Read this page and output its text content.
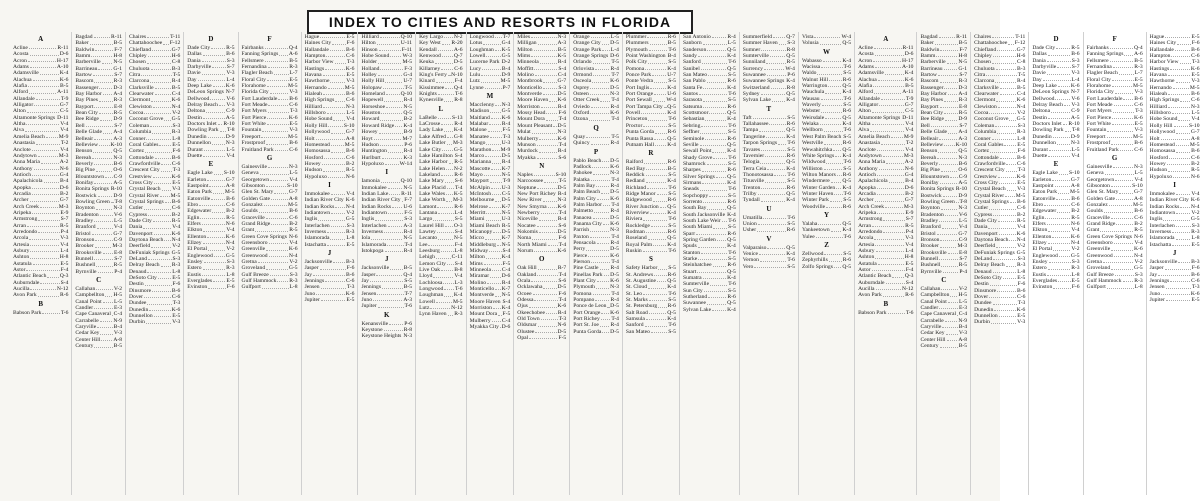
INDEX TO CITIES AND RESORTS IN FLORIDA
A
Acline	R-11
Acosta	D-6
Acron	H-17
Adams	A-10
Adamsville	K-4
Alachua	K-6
Alafia	B-5
Alford	A-11
Allandale	T-9
Alligator	G-7
Alton	C-5
Altamonte Springs D-11
Altha	V-4
Alva	V-4
Amelia Beach M-9
Anastasia	T-2
Anclote	V-4
Andytown	M-3
Anna Maria	A-2
Anthony	N-6
Antioch	G-4
Apalachicola	B-4
Apopka	D-6
Arcadia	B-2
Archer	G-7
Arch Creek	M-3
Aripeka	E-9
Armstrong	S-7
Arran	R-5
Arredondo	P-4
Arcola	V-3
Artesia	V-4
Asbury	L-4
Ashton	H-8
Astatula	E-5
Astor	F-4
Atlantic Beach Q-3
Auburndale	S-4
Aucilla	N-12
Avon Park	R-6
B
Babson Park	T-6
Bagdad	R-11
Baker	B-5
Baldwin	F-7
Bamm	H-8
Barberville N-5
Barrineau	G-1
Bartow	S-7
Bascom	R-3
Bassenger	D-3
Bay Harbor A-4
Bay Pines	R-3
Bayport	E-8
Bean City	R-5
Bee Ridge	D-9
Bell	S-7
Belle Glade A-4
Belleair	A-3
Belleview K-10
Benson	Q-5
Bereah	N-3
Beverly	B-6
Big Pine	O-6
Blountstown C-9
Bonifay	A-5
Bonita Springs R-10
Bostwick	D-9
Bowling Green T-8
Boynton	N-3
Bradenton	V-6
Bradley	L-5
Branford	V-4
Bristol	G-7
Bronson	C-9
Brooker	M-3
Brooksville E-8
Bunnell	S-7
Bushnell	R-5
Byrnville	P-4
C
Callahan	V-2
Campbellton H-5
Canal Point L-5
Candler	E-3
Cape Canaveral C-4
Carrabelle	N-9
Caryville	B-4
Cedar Key	V-3
Center Hill A-8
Century	B-5
Chaires	T-11
Chattahoochee F-12
Chiefland	G-7
Chipley	H-6
Chosen	C-8
Chuluota	B-3
Citra	T-5
Clarcona	R-4
Clarksville	B-5
Clearwater	C-4
Clermont	K-6
Clewiston	N-4
Cocoa	V-2
Coconut Grove G-5
Coleman	S-3
Columbia	R-3
Conner	L-8
Coral Gables E-5
Cortez	F-6
Cottondale	B-6
Crawfordville C-6
Crescent City T-3
Crestview	K-6
Cross City	E-5
Crystal Beach V-3
Crystal River M-5
Crystal Springs B-6
Cutler	C-6
Cypress	B-2
Dade City	R-5
Dania	V-4
Davenport	K-6
Daytona Beach N-4
Deerfield	V-2
DeFuniak Springs G-5
DeLand	S-3
Delray Beach R-3
Denaud	L-8
DeSoto City	E-5
Destin	F-6
Dinsmore	B-6
Dover	C-6
Dundee	T-3
Dunedin	K-6
Dunnellon	E-5
Durbin	V-3
D
Dade City	R-5
Dallas	B-6
Dania	S-3
Darbyville	S-7
Davie	V-3
Day	L-4
Deep Lake	K-6
DeLeon Springs N-7
Dellwood	V-6
Delray Beach V-3
Deltona	C-9
Destin	A-5
Doctors Inlet R-10
Dowling Park T-8
Dunedin	D-9
Dunnellon	N-3
Durant	L-5
Duette	V-4
E
Eagle Lake S-10
Earleton	G-7
Eastpoint	A-8
Eaton Park M-5
Eatonville	B-6
Ebro	C-6
Edgewater	B-2
Eglin	R-5
Elfers	N-6
Elkton	V-4
Ellenton	K-6
Ellzey	N-4
El Portal	V-2
Englewood G-5
Ensley	S-3
Estero	R-3
Eustis	L-8
Everglades	E-5
Evinston	F-6
F
Fairbanks	Q-4
Fanning Springs A-6
Fellsmere	B-5
Fernandina	R-3
Flagler Beach	L-7
Floral City	E-5
Florahome	M-5
Florida City	V-3
Fort Lauderdale B-6
Fort Meade	C-6
Fort Myers	T-3
Fort Pierce	K-6
Fort White	E-5
Fountain	V-3
Freeport	M-5
Frostproof	B-6
Fruitland Park	C-6
G
Gainesville	N-3
Geneva	L-5
Georgetown	V-4
Gibsonton	S-10
Glen St. Mary	G-7
Golden Gate	A-8
Gonzalez	M-5
Goulds	B-6
Graceville	C-6
Grand Ridge	B-2
Grant	R-5
Green Cove Springs N-6
Greensboro	V-4
Greenville	K-6
Greenwood	N-4
Gretna	V-2
Groveland	G-5
Gulf Breeze	S-3
Gulf Hammock R-3
Gulfport	L-8
Hague	E-5
Haines City	F-6
Hallandale	B-6
Hampton	C-6
Harbor View T-3
Hastings	K-6
Havana	E-5
Hawthorne	V-3
Hernando	M-5
Hialeah	B-6
High Springs C-6
Hilliard	N-3
Hillsboro	L-5
Hobe Sound V-4
Holly Hill	S-10
Hollywood	G-7
Holt	A-8
Homestead	M-5
Homosassa	B-6
Hosford	C-6
Howey	B-2
Hudson	R-5
Hypoluxo	N-6
I
Immokalee	V-4
Indian River City K-6
Indian Rocks N-4
Indiantown	V-2
Inglis	G-5
Interlachen	S-3
Inverness	R-3
Islamorada	L-8
Istachatta	E-5
J
Jacksonville B-3
Jasper	F-6
Jay	B-6
Jennings	C-6
Jensen	T-3
Juno	K-6
Jupiter	E-5
Hilliard	Q-10
Hilton	U-11
Hinson	F-11
Hobe Sound W-3
Holder	M-5
Holland	F-3
Holley	G-4
Holly Hill	U-7
Holopaw	T-5
Homeland	Q-10
Hopewell	R-4
Horseshoe	N-5
Houston	Q-5
Howard	B-2
Howard Ridge K-4
Howey	B-9
Hoyt	M-7
Hudson	P-6
Huntington	R-4
Hurlburt	K-3
Hypoluxo	W-14
I
Iamonia	Q-10
Immokalee	N-5
Indian Lake R-11
Indian River City F-7
Indian Rocks U-6
Indiantown	F-5
Inglis	S-3
Interlachen	A-3
Inverness	R-4
Iola	N-5
Islamorada	T-4
Istokpoga	R-4
J
Jacksonville	B-5
Jasper	Q-4
Jay	S-5
Jennings	B-5
Jensen	T-7
Juno	A-3
Jupiter	T-6
K
Kenansville	P-6
Keystone	R-8
Keystone Heights N-3
Key Largo N-2
Key West R-20
Kendall	A-6
Kenwood Q-7
Keuka	D-5
Killarney C-6
King's Ferry N-10
Kinard	F-4
Kissimmee Q-4
Knights	T-6
Kynesville R-8
L
LaBelle	S-13
LaCrosse R-4
Lady Lake K-4
Lake Alfred G-8
Lake Butler M-3
Lake City G-5
Lake Hamilton S-4
Lake Harbor R-5
Lake Helen N-2
Lakeland	R-6
Lake Mary S-6
Lake Placid T-4
Lake Wales K-5
Lake Worth M-3
Lamont	R-6
Lantana	L-4
Largo	S-5
Laurel Hill O-3
Lawtey	S-4
Lecanto	N-5
Lee	F-4
Leesburg	L-8
Lehigh	C-11
Lemon City S-4
Live Oak	B-8
Lloyd	V-4
Lochloosa L-3
Longwood T-6
Loughman K-4
Lowell	M-5
Lutz	N-12
Lynn Haven R-3
Longwood T-7
Lotus	G-4
Loughman K-5
Lowell	G-5
Lucerne Park D-2
Lucy	B-4
Lulu	D-9
Lutz	M-5
Lynne	P-7
M
Macclenny N-3
Madison G-5
Maitland K-6
Malabar R-4
Malone	F-5
Manatee T-3
Mango	U-3
Marathon M-9
Marco	D-5
Marianna R-4
Mascotte K-7
Mayo	N-5
Mayport T-9
McAlpin U-3
McIntosh C-5
Melbourne D-5
Melrose K-7
Merritt	N-5
Miami	U-3
Miami Beach R-5
Micanopy D-5
Micco	K-7
Middleburg N-5
Midway	S-4
Milton	K-4
Mims	F-5
Minneola C-4
Miramar D-6
Molino	R-4
Monticello K-7
Montverde N-5
Moore Haven S-4
Morriston K-4
Mount Dora F-5
Mulberry C-4
Myakka City D-6
Miles	N-3
Milligan	A-3
Milton	B-5
Mims	K-5
Minneola	R-4
Moffitt	S-4
Molino	C-4
Montbrook	G-7
Monticello	S-3
Montverde	D-5
Moore Haven K-6
Morriston	R-4
Mossy Head F-6
Mount Dora T-4
Mount Pleasant D-5
Mulat	N-3
Mulberry	K-6
Munson	T-4
Murdock	R-4
Myakka	S-6
N
Naples	S-10
Narcoossee	T-5
Neptune	D-5
New Port Richey R-4
New River	N-3
New Smyrna K-6
Newberry	T-4
Niceville	R-4
Nocatee	S-6
Nokomis	D-5
Noma	F-6
North Miami T-4
Norum	K-6
O
Oak Hill	R-7
Oakland	T-4
Ocala	S-6
Ocklawaha	D-5
Ocoee	F-6
Odessa	T-4
Ojus	K-6
Okeechobee R-4
Old Town	T-3
Oldsmar	N-6
Olustee	D-5
Opal	F-5
Orange	L-5
Orange City D-5
Orange Park L-4
Orange Springs D-6
Orlando	T-5
Orlovista	R-4
Ormond	T-7
Osceola	K-6
Osprey	D-5
Osteen	N-3
Otter Creek T-4
Oviedo	R-4
Oxford	K-6
Ozona	T-4
Q
Quay	T-5
Quincy	R-4
P
Pablo Beach D-5
Padlock	K-6
Pahokee	N-3
Palatka	T-4
Palm Bay	R-4
Palm Beach D-5
Palm City	K-6
Palm Harbor T-4
Palmetto	R-4
Panacea	D-5
Panama City K-6
Parrish	N-3
Paxton	T-4
Pensacola	R-4
Perry	D-5
Pierce	K-6
Pierson	T-4
Pine Castle R-4
Pinellas Park D-5
Plant City	K-6
Plymouth	N-3
Pomona	T-4
Pompano	R-4
Ponce de Leon D-5
Port Orange K-6
Port Richey T-4
Port St. Joe R-4
Punta Gorda D-5
Plummer	R-6
Plummers	B-5
Plymouth	T-6
Point Washington B-4
Polk City	S-5
Pomona	K-4
Ponce Park	U-7
Ponte Vedra	S-5
Port Inglis	K-4
Port Orange	U-6
Port Sewall	W-4
Port Tampa City Q-5
Povell	K-4
Princeton	T-6
Proctor	S-5
Punta Gorda R-6
Punta Rassa	Q-5
Putnam Hall K-4
R
Raiford	R-6
Red Bay	B-5
Reddick	S-5
Redland	K-4
Richland	T-6
Ridge Manor S-5
Ridgewood	R-6
River Junction Q-5
Riverview	K-4
Riviera	T-6
Rockledge	S-5
Rodman	R-6
Roseland	Q-5
Royal Palm	K-4
Ruskin	T-6
S
Safety Harbor S-5
St. Andrews	R-6
St. Augustine Q-5
St. Cloud	K-4
St. Leo	T-6
St. Marks	S-5
St. Petersburg R-6
Salt Road	Q-5
Samsula	K-4
Sanford	T-6
San Mateo	S-5
San Antonio	R-4
Sanborn	L-5
Sanderson	Q-5
Sandy	K-4
Sanford	T-6
Sanibel	Q-5
San Mateo	S-5
San Pablo	R-6
Santa Fe	K-4
Santos	T-6
Sarasota	S-5
Satsuma	R-6
Scottsmoor	Q-5
Sebastian	K-4
Sebring	T-6
Seffner	S-5
Seminole	R-6
Seville	Q-5
Sewall Point	K-4
Shady Grove	T-6
Shamrock	S-5
Sharpes	R-6
Silver Springs Q-5
Sirmans	K-4
Sneads	T-6
Sopchoppy	S-5
Sorrento	R-6
South Bay	Q-5
South Jacksonville K-4
South Lake Weir T-6
South Miami	S-5
Sparr	R-6
Spring Garden Q-5
Spuds	K-4
Stanton	T-6
Starke	S-5
Steinhatchee	R-6
Stuart	Q-5
Sumatra	K-4
Sumterville	T-6
Sun City	S-5
Sutherland	R-6
Suwannee	Q-5
Sylvan Lake	K-4
Summerfield	Q-7
Summer Haven S-3
Sumner	R-8
Sumterville	Q-5
Sunniland	R-5
Surrency	W-4
Suwannee	P-6
Suwannee Springs K-4
Switzerland	R-8
Sydney	Q-5
Sylvan Lake	K-4
T
Taft	S-5
Tallahassee	R-6
Tampa	Q-5
Tangerine	K-4
Tarpon Springs T-6
Tavares	S-5
Tavernier	R-6
Telogia	Q-5
Terra Ceia	K-4
Thonotosassa	T-6
Titusville	S-5
Trenton	R-6
Trilby	Q-5
Tyndall	K-4
U
Umatilla	T-6
Union	S-5
Usher	R-6
V
Valparaiso	Q-5
Venice	K-4
Vernon	T-6
Vero	S-5
Vista	W-4
Volusia	Q-5
W
Wabasso	K-4
Wacissa	T-6
Waldo	S-5
Walnut Hill	R-6
Warrington	Q-5
Wauchula	K-4
Wausau	T-6
Waverly	S-5
Webster	R-6
Weirsdale	Q-5
Welaka	K-4
Wellborn	T-6
West Palm Beach S-5
Westville	R-6
Wewahitchka Q-5
White Springs K-4
Wildwood	T-6
Williston	S-5
Wilton Manors R-6
Windermere Q-5
Winter Garden K-4
Winter Haven T-6
Winter Park	S-5
Woodville	R-6
Y
Yalaha	Q-5
Yankeetown K-4
Yulee	T-6
Z
Zellwood	S-5
Zephyrhills	R-6
Zolfo Springs Q-5
A
Acline	R-11
Acosta	D-6
Acron	H-17
Adams	A-10
Adamsville	K-4
Alachua	K-6
Alafia	B-5
Alford	A-11
Allandale	T-9
Alligator	G-7
Alton	C-5
Altamonte Springs D-11
Altha	V-4
Alva	V-4
Amelia Beach M-9
Anastasia	T-2
Anclote	V-4
Andytown	M-3
Anna Maria	A-2
Anthony	N-6
Antioch	G-4
Apalachicola	B-4
Apopka	D-6
Arcadia	B-2
Archer	G-7
Arch Creek	M-3
Aripeka	E-9
Armstrong	S-7
Arran	R-5
Arredondo	P-4
Arcola	V-3
Artesia	V-4
Asbury	L-4
Ashton	H-8
Astatula	E-5
Astor	F-4
Atlantic Beach Q-3
Auburndale	S-4
Aucilla	N-12
Avon Park	R-6
B
Babson Park	T-6
Bagdad	R-11
Baker	B-5
Baldwin	F-7
Bamm	H-8
Barberville N-5
Barrineau	G-1
Bartow	S-7
Bascom	R-3
Bassenger	D-3
Bay Harbor A-4
Bay Pines	R-3
Bayport	E-8
Bean City	R-5
Bee Ridge	D-9
Bell	S-7
Belle Glade A-4
Belleair	A-3
Belleview K-10
Benson	Q-5
Bereah	N-3
Beverly	B-6
Big Pine	O-6
Blountstown C-9
Bonifay	A-5
Bonita Springs R-10
Bostwick	D-9
Bowling Green T-8
Boynton	N-3
Bradenton	V-6
Bradley	L-5
Branford	V-4
Bristol	G-7
Bronson	C-9
Brooker	M-3
Brooksville E-8
Bunnell	S-7
Bushnell	R-5
Byrnville	P-4
C
Callahan	V-2
Campbellton H-5
Canal Point L-5
Candler	E-3
Cape Canaveral C-4
Carrabelle	N-9
Caryville	B-4
Cedar Key	V-3
Center Hill A-8
Century	B-5
Chaires	T-11
Chattahoochee F-12
Chiefland	G-7
Chipley	H-6
Chosen	C-8
Chuluota	B-3
Citra	T-5
Clarcona	R-4
Clarksville	B-5
Clearwater	C-4
Clermont	K-6
Clewiston	N-4
Cocoa	V-2
Coconut Grove G-5
Coleman	S-3
Columbia	R-3
Conner	L-8
Coral Gables E-5
Cortez	F-6
Cottondale	B-6
Crawfordville C-6
Crescent City T-3
Crestview	K-6
Cross City	E-5
Crystal Beach V-3
Crystal River M-5
Crystal Springs B-6
Cutler	C-6
Cypress	B-2
Dade City	R-5
Dania	V-4
Davenport	K-6
Daytona Beach N-4
Deerfield	V-2
DeFuniak Springs G-5
DeLand	S-3
Delray Beach R-3
Denaud	L-8
DeSoto City	E-5
Destin	F-6
Dinsmore	B-6
Dover	C-6
Dundee	T-3
Dunedin	K-6
Dunnellon	E-5
Durbin	V-3
D
Dade City	R-5
Dallas	B-6
Dania	S-3
Darbyville	S-7
Davie	V-3
Day	L-4
Deep Lake	K-6
DeLeon Springs N-7
Dellwood	V-6
Delray Beach V-3
Deltona	C-9
Destin	A-5
Doctors Inlet R-10
Dowling Park T-8
Dunedin	D-9
Dunnellon	N-3
Durant	L-5
Duette	V-4
E
Eagle Lake S-10
Earleton	G-7
Eastpoint	A-8
Eaton Park M-5
Eatonville	B-6
Ebro	C-6
Edgewater	B-2
Eglin	R-5
Elfers	N-6
Elkton	V-4
Ellenton	K-6
Ellzey	N-4
El Portal	V-2
Englewood G-5
Ensley	S-3
Estero	R-3
Eustis	L-8
Everglades	E-5
Evinston	F-6
F
Fairbanks	Q-4
Fanning Springs A-6
Fellsmere	B-5
Fernandina	R-3
Flagler Beach	L-7
Floral City	E-5
Florahome	M-5
Florida City	V-3
Fort Lauderdale B-6
Fort Meade	C-6
Fort Myers	T-3
Fort Pierce	K-6
Fort White	E-5
Fountain	V-3
Freeport	M-5
Frostproof	B-6
Fruitland Park	C-6
G
Gainesville	N-3
Geneva	L-5
Georgetown	V-4
Gibsonton	S-10
Glen St. Mary	G-7
Golden Gate	A-8
Gonzalez	M-5
Goulds	B-6
Graceville	C-6
Grand Ridge	B-2
Grant	R-5
Green Cove Springs N-6
Greensboro	V-4
Greenville	K-6
Greenwood	N-4
Gretna	V-2
Groveland	G-5
Gulf Breeze	S-3
Gulf Hammock R-3
Gulfport	L-8
Hague	E-5
Haines City	F-6
Hallandale	B-6
Hampton	C-6
Harbor View T-3
Hastings	K-6
Havana	E-5
Hawthorne	V-3
Hernando	M-5
Hialeah	B-6
High Springs C-6
Hilliard	N-3
Hillsboro	L-5
Hobe Sound V-4
Holly Hill	S-10
Hollywood	G-7
Holt	A-8
Homestead	M-5
Homosassa	B-6
Hosford	C-6
Howey	B-2
Hudson	R-5
Hypoluxo	N-6
I
Immokalee	V-4
Indian River City K-6
Indian Rocks N-4
Indiantown	V-2
Inglis	G-5
Interlachen	S-3
Inverness	R-3
Islamorada	L-8
Istachatta	E-5
J
Jacksonville B-3
Jasper	F-6
Jay	B-6
Jennings	C-6
Jensen	T-3
Juno	K-6
Jupiter	E-5
